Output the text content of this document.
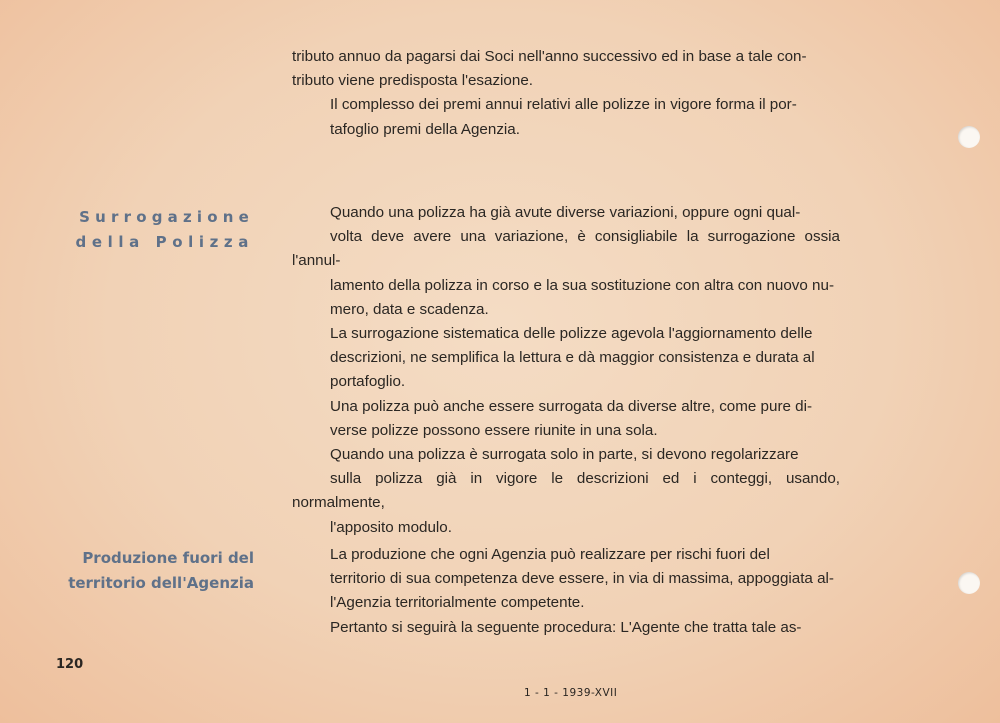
tributo annuo da pagarsi dai Soci nell'anno successivo ed in base a tale con-
tributo viene predisposta l'esazione.

Il complesso dei premi annui relativi alle polizze in vigore forma il por-
tafoglio premi della Agenzia.

Surrogazione
della Polizza

Quando una polizza ha già avute diverse variazioni, oppure ogni qual-
volta deve avere una variazione, è consigliabile la surrogazione ossia l'annul-
lamento della polizza in corso e la sua sostituzione con altra con nuovo nu-
mero, data e scadenza.

La surrogazione sistematica delle polizze agevola l'aggiornamento delle
descrizioni, ne semplifica la lettura e dà maggior consistenza e durata al
portafoglio.

Una polizza può anche essere surrogata da diverse altre, come pure di-
verse polizze possono essere riunite in una sola.

Quando una polizza è surrogata solo in parte, si devono regolarizzare
sulla polizza già in vigore le descrizioni ed i conteggi, usando, normalmente,
l'apposito modulo.

Produzione fuori del
territorio dell'Agenzia

La produzione che ogni Agenzia può realizzare per rischi fuori del
territorio di sua competenza deve essere, in via di massima, appoggiata al-
l'Agenzia territorialmente competente.

Pertanto si seguirà la seguente procedura: L'Agente che tratta tale as-

120
1 - 1 - 1939-XVII
